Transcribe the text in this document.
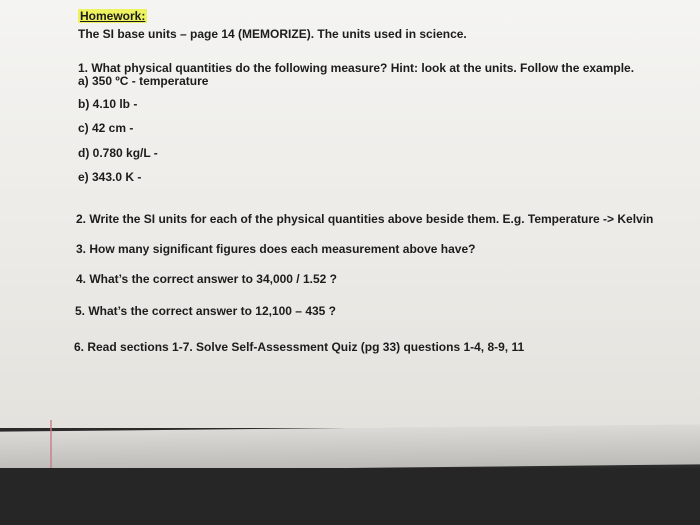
Homework:
The SI base units – page 14 (MEMORIZE). The units used in science.
1. What physical quantities do the following measure? Hint: look at the units. Follow the example.
a) 350 ºC - temperature
b) 4.10 lb -
c) 42 cm -
d) 0.780 kg/L -
e) 343.0 K -
2. Write the SI units for each of the physical quantities above beside them. E.g. Temperature -> Kelvin
3. How many significant figures does each measurement above have?
4. What’s the correct answer to 34,000 / 1.52 ?
5. What’s the correct answer to 12,100 – 435 ?
6. Read sections 1-7. Solve Self-Assessment Quiz (pg 33) questions 1-4, 8-9, 11
